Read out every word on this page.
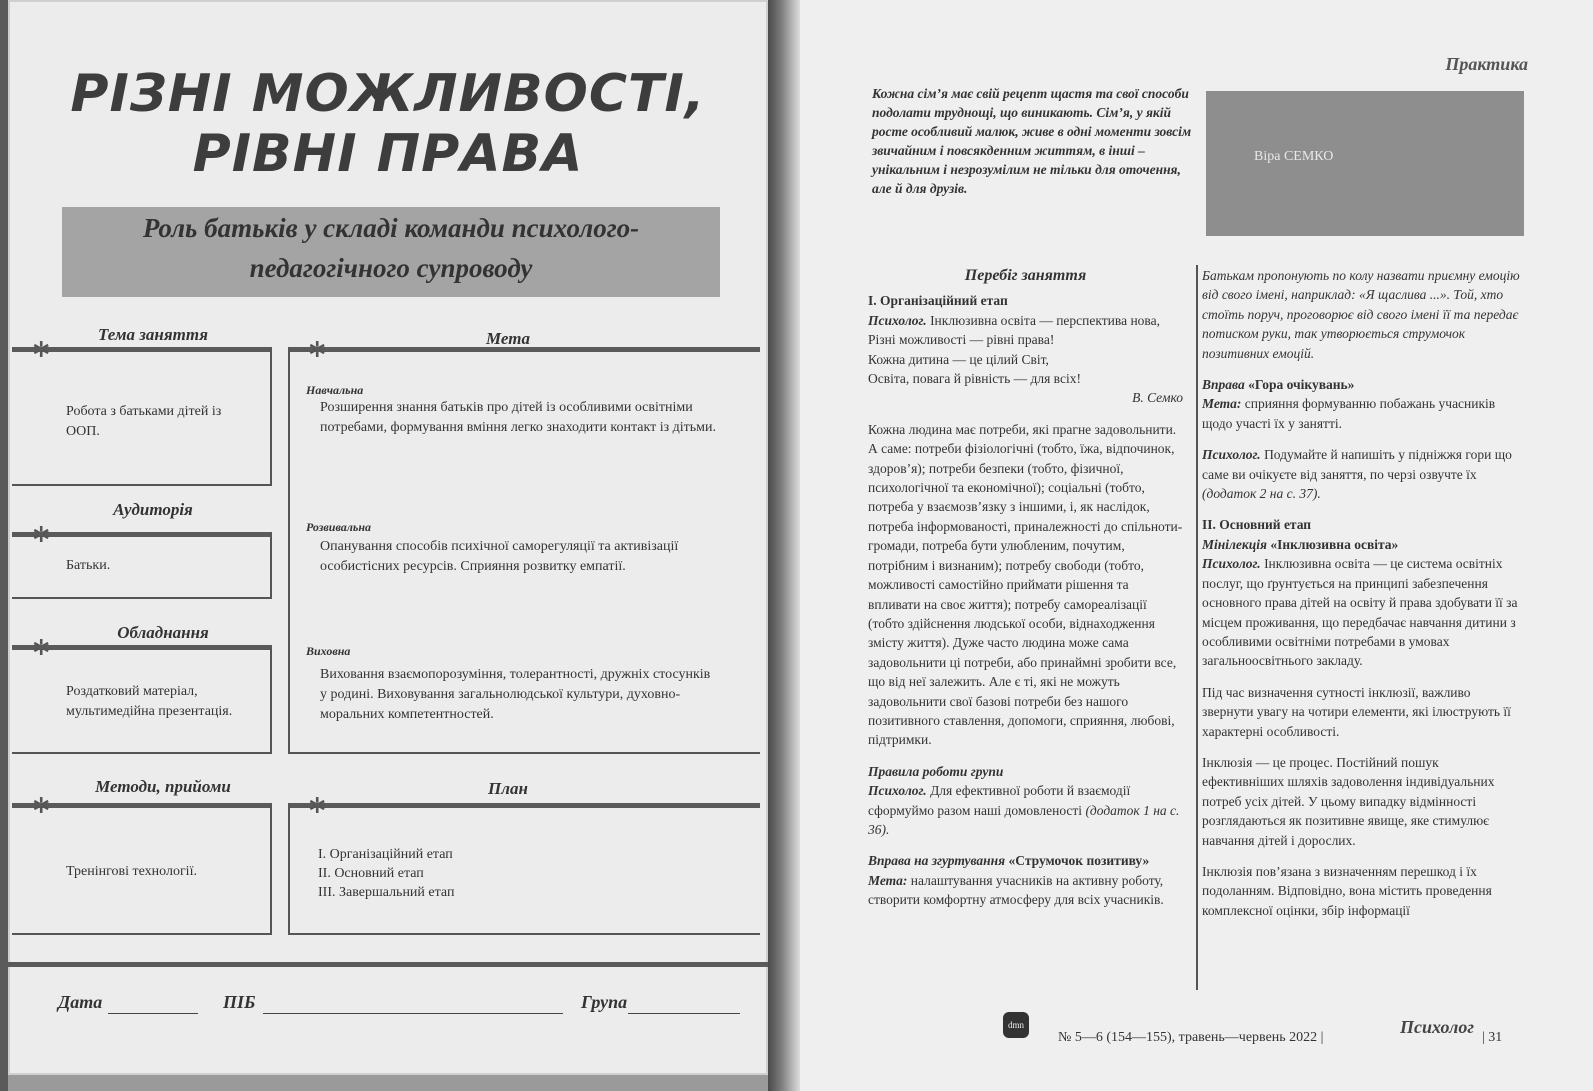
РІЗНІ МОЖЛИВОСТІ,
РІВНІ ПРАВА
Роль батьків у складі команди психолого-
педагогічного супроводу
Тема заняття
✲
Робота з батьками дітей із ООП.
Аудиторія
✲
Батьки.
Обладнання
✲
Роздатковий матеріал, мультимедійна презентація.
Методи, прийоми
✲
Тренінгові технології.
Мета
✲
Навчальна
Розширення знання батьків про дітей із особливими освітніми потребами, формування вміння легко знаходити контакт із дітьми.
Розвивальна
Опанування способів психічної саморегуляції та активізації особистісних ресурсів. Сприяння розвитку емпатії.
Виховна
Виховання взаємопорозуміння, толерантності, дружніх стосунків у родині. Виховування загальнолюдської культури, духовно-моральних компетентностей.
План
✲
І. Організаційний етап
ІІ. Основний етап
ІІІ. Завершальний етап
Дата	ПІБ	Група
Практика
Кожна сім’я має свій рецепт щастя та свої способи подолати труднощі, що виникають. Сім’я, у якій росте особливий малюк, живе в одні моменти зовсім звичайним і повсякденним життям, в інші – унікальним і незрозумілим не тільки для оточення, але й для друзів.
Віра СЕМКО
Перебіг заняття
І. Організаційний етап
Психолог. Інклюзивна освіта — перспектива нова,
Різні можливості — рівні права!
Кожна дитина — це цілий Світ,
Освіта, повага й рівність — для всіх!
В. Семко

Кожна людина має потреби, які прагне задовольнити. А саме: потреби фізіологічні (тобто, їжа, відпочинок, здоров’я); потреби безпеки (тобто, фізичної, психологічної та економічної); соціальні (тобто, потреба у взаємозв’язку з іншими, і, як наслідок, потреба інформованості, приналежності до спільноти-громади, потреба бути улюбленим, почутим, потрібним і визнаним); потребу свободи (тобто, можливості самостійно приймати рішення та впливати на своє життя); потребу самореалізації (тобто здійснення людської особи, віднаходження змісту життя). Дуже часто людина може сама задовольнити ці потреби, або принаймні зробити все, що від неї залежить. Але є ті, які не можуть задовольнити свої базові потреби без нашого позитивного ставлення, допомоги, сприяння, любові, підтримки.

Правила роботи групи

Психолог. Для ефективної роботи й взаємодії сформуймо разом наші домовленості (додаток 1 на с. 36).

Вправа на згуртування «Струмочок позитиву»
Мета: налаштування учасників на активну роботу, створити комфортну атмосферу для всіх учасників.

Батькам пропонують по колу назвати приємну емоцію від свого імені, наприклад: «Я щаслива ...». Той, хто стоїть поруч, проговорює від свого імені її та передає потиском руки, так утворюється струмочок позитивних емоцій.

Вправа «Гора очікувань»

Мета: сприяння формуванню побажань учасників щодо участі їх у занятті.

Психолог. Подумайте й напишіть у підніжжя гори що саме ви очікуєте від заняття, по черзі озвучте їх (додаток 2 на с. 37).

ІІ. Основний етап
Мінілекція «Інклюзивна освіта»

Психолог. Інклюзивна освіта — це система освітніх послуг, що ґрунтується на принципі забезпечення основного права дітей на освіту й права здобувати її за місцем проживання, що передбачає навчання дитини з особливими освітніми потребами в умовах загальноосвітнього закладу.

Під час визначення сутності інклюзії, важливо звернути увагу на чотири елементи, які ілюструють її характерні особливості.

Інклюзія — це процес. Постійний пошук ефективніших шляхів задоволення індивідуальних потреб усіх дітей. У цьому випадку відмінності розглядаються як позитивне явище, яке стимулює навчання дітей і дорослих.

Інклюзія пов’язана з визначенням перешкод і їх подоланням. Відповідно, вона містить проведення комплексної оцінки, збір інформації

dmn
№ 5—6 (154—155), травень—червень 2022 |
Психолог
| 31
